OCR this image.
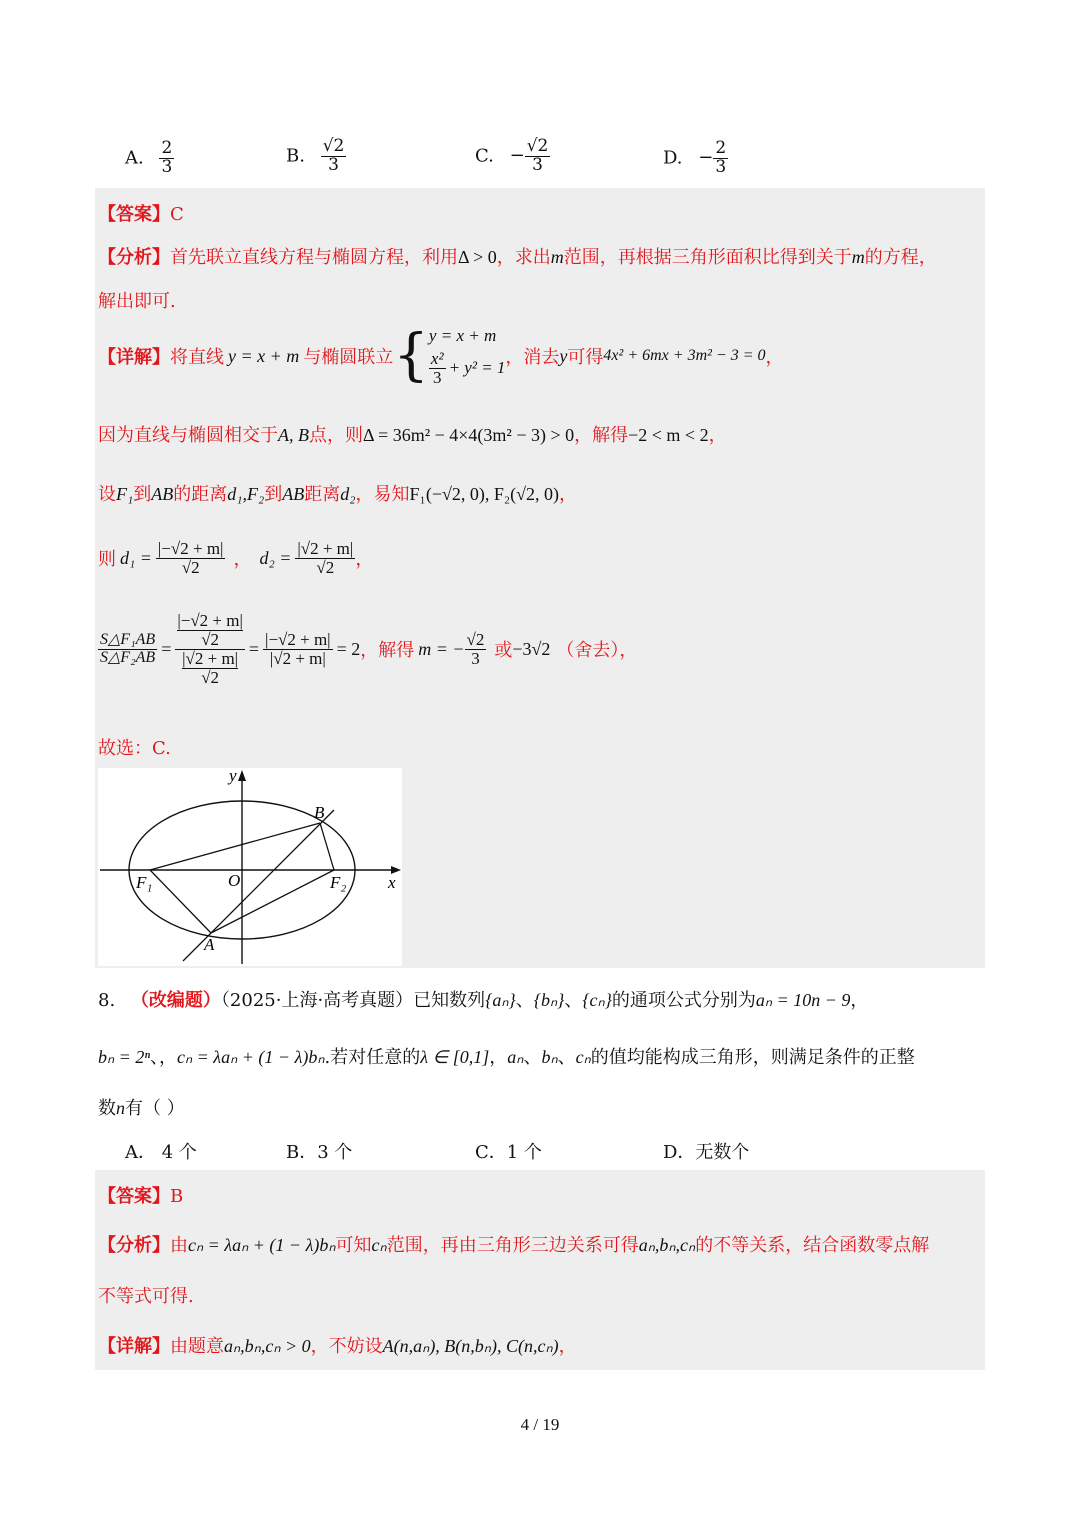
A. $\frac{2}{3}$	B. $\frac{√2}{3}$	C. − $\frac{√2}{3}$	D. − $\frac{2}{3}$
【答案】C
【分析】首先联立直线方程与椭圆方程，利用Δ > 0，求出m范围，再根据三角形面积比得到关于m的方程，
解出即可.
【详解】 将直线 y = x + m 与椭圆联立 { y = x + m
$\frac{\text{x²}}{3} + y^2 = 1$ ，消去 y 可得 4x² + 6mx + 3m² − 3 = 0 ，
因为直线与椭圆相交于A, B点，则Δ = 36m² − 4×4(3m² − 3) > 0，解得−2 < m < 2，
设F₁到AB的距离d₁,F₂到AB距离d₂，易知F₁(−√2, 0), F₂(√2, 0)，
则 $d_1 = \frac{|-√2 + m|}{√2}$ ， $d_2 = \frac{|√2 + m|}{√2}$ ，
$\frac{\text{S△F₁AB}}{\text{S△F₂AB}} = \frac{\frac{|-√2 + m|}{√2}}{\frac{|√2 + m|}{√2}} = \frac{|-√2 + m|}{|√2 + m|} = 2$ ，解得 m = − $\frac{√2}{3}$ 或 −3√2 （舍去），
故选：C.
y
x
O
A
B
F₁	F₂
8. （改编题）（2025·上海·高考真题）已知数列{aₙ}、{bₙ}、{cₙ}的通项公式分别为aₙ = 10n − 9，
bₙ = 2ⁿ、，cₙ = λaₙ + (1 − λ)bₙ.若对任意的λ ∈ [0,1]，aₙ、bₙ、cₙ的值均能构成三角形，则满足条件的正整
数n有（ ）
A． 4 个	B．3 个	C．1 个	D．无数个
【答案】B
【分析】由cₙ = λaₙ + (1 − λ)bₙ可知cₙ范围，再由三角形三边关系可得aₙ,bₙ,cₙ的不等关系，结合函数零点解
不等式可得.
【详解】由题意aₙ,bₙ,cₙ > 0，不妨设A(n,aₙ), B(n,bₙ), C(n,cₙ)，
4 / 19
